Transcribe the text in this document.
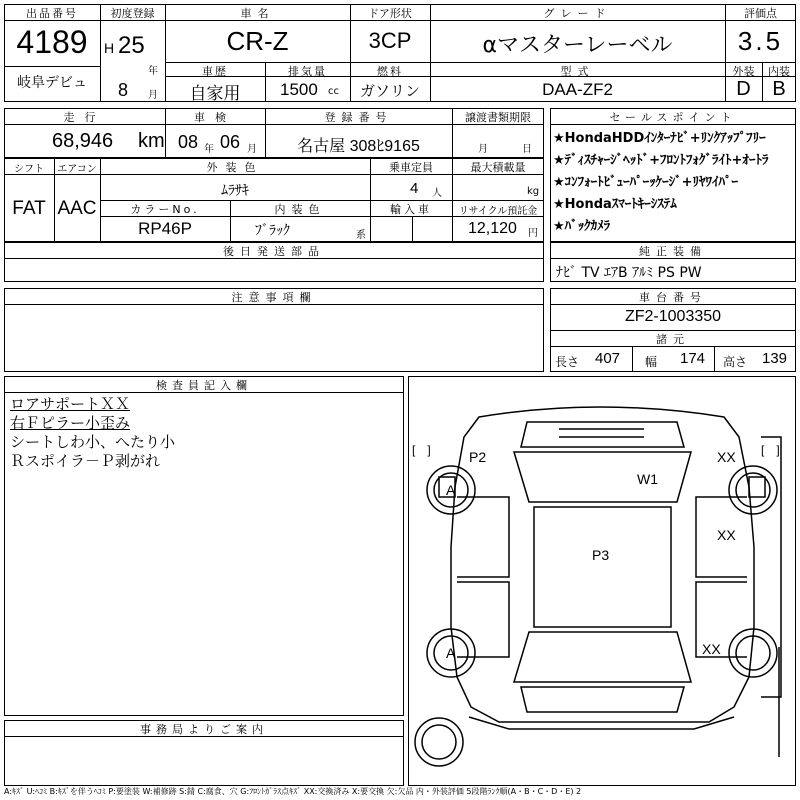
出品番号
4189
岐阜デビュ
初度登録
H 25
年
8 月
車名
CR-Z
ドア形状
3CP
グレード
αマスターレーベル
評価点
3.5
車歴
自家用
排気量
1500 cc
燃料
ガソリン
型式
DAA-ZF2
外装
D
内装
B
走行
68,946 km
車検
08 年 06 月
登録番号
名古屋 308ﾋ9165
譲渡書類期限
月	日
シフト
FAT
エアコン
AAC
外装色
ﾑﾗｻｷ
乗車定員
4 人
最大積載量
kg
カラーNo.
RP46P
内装色
ﾌﾞﾗｯｸ	系
輸入車	リサイクル預託金
12,120 円
後日発送部品
セールスポイント
★HondaHDDｲﾝﾀｰﾅﾋﾞ+ﾘﾝｸｱｯﾌﾟﾌﾘｰ
★ﾃﾞｨｽﾁｬｰｼﾞﾍｯﾄﾞ+ﾌﾛﾝﾄﾌｫｸﾞﾗｲﾄ+ｵｰﾄﾗ
★ｺﾝﾌｫｰﾄﾋﾞｭｰﾊﾟｰｯｹｰｼﾞ+ﾘﾔﾜｲﾊﾟｰ
★Hondaｽﾏｰﾄｷｰｼｽﾃﾑ
★ﾊﾞｯｸｶﾒﾗ
純正装備
ﾅﾋﾞ TV ｴｱB ｱﾙﾐ PS PW
注意事項欄	車台番号
ZF2-1003350
諸元
長さ 407 幅 174 高さ 139
検査員記入欄
ロアサポートＸＸ
右Ｆピラー小歪み
シートしわ小、へたり小
Ｒスポイラ－Ｐ剥がれ	P2
W1
P3
A
A
XX
XX
XX
[　]	[　]
事務局よりご案内
A:ｷｽﾞ U:ﾍｺﾐ B:ｷｽﾞを伴うﾍｺﾐ P:要塗装 W:補修跡 S:錆 C:腐食、穴 G:ﾌﾛﾝﾄｶﾞﾗｽ点ｷｽﾞ XX:交換済み X:要交換 欠:欠品 内・外装評価 5段階ﾗﾝｸ順(A・B・C・D・E) 2
